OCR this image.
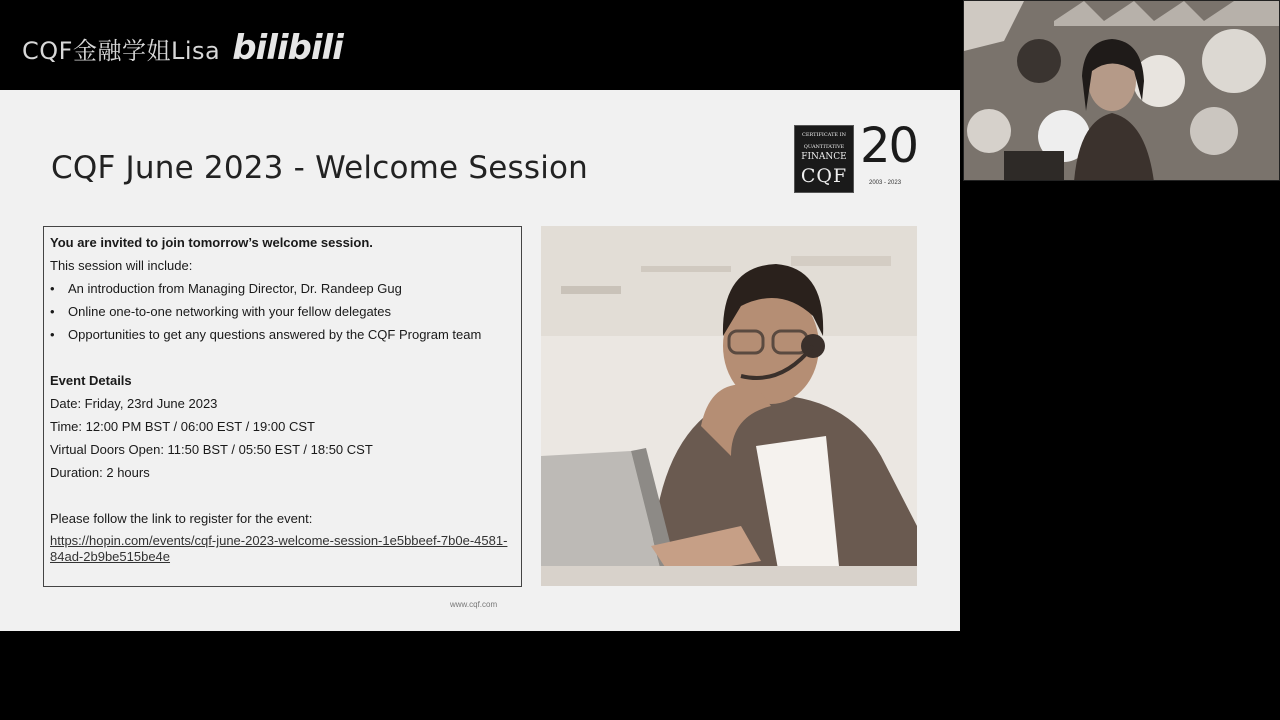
CQF金融学姐Lisa bilibili
CQF June 2023 - Welcome Session
CERTIFICATE IN
QUANTITATIVE
FINANCE
CQF
20
2003 - 2023
You are invited to join tomorrow’s welcome session.
This session will include:
• An introduction from Managing Director, Dr. Randeep Gug
• Online one-to-one networking with your fellow delegates
• Opportunities to get any questions answered by the CQF Program team
Event Details
Date: Friday, 23rd June 2023
Time: 12:00 PM BST / 06:00 EST / 19:00 CST
Virtual Doors Open: 11:50 BST / 05:50 EST / 18:50 CST
Duration: 2 hours
Please follow the link to register for the event:
https://hopin.com/events/cqf-june-2023-welcome-session-1e5bbeef-7b0e-4581-84ad-2b9be515be4e
www.cqf.com
